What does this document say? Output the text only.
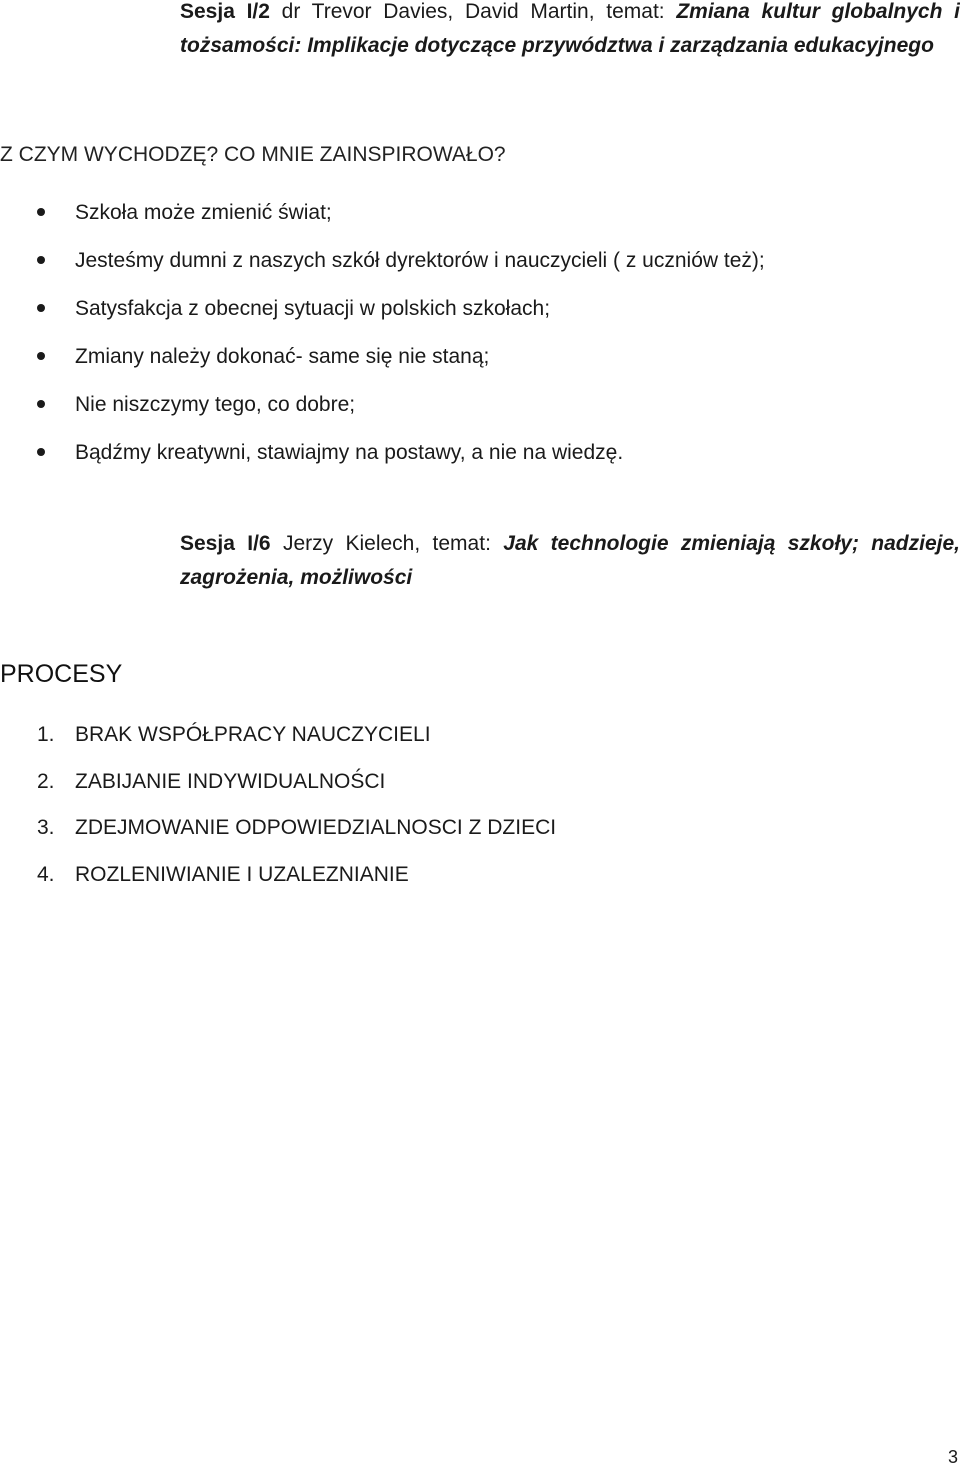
Sesja I/2 dr Trevor Davies, David Martin, temat: Zmiana kultur globalnych i tożsamości: Implikacje dotyczące przywództwa i zarządzania edukacyjnego
Z CZYM WYCHODZĘ? CO MNIE ZAINSPIROWAŁO?
Szkoła może zmienić świat;
Jesteśmy dumni z naszych szkół dyrektorów i nauczycieli ( z uczniów też);
Satysfakcja z obecnej sytuacji w polskich szkołach;
Zmiany należy dokonać- same się nie staną;
Nie niszczymy tego, co dobre;
Bądźmy kreatywni, stawiajmy na postawy, a nie na wiedzę.
Sesja I/6 Jerzy Kielech, temat: Jak technologie zmieniają szkoły; nadzieje, zagrożenia, możliwości
PROCESY
1. BRAK WSPÓŁPRACY NAUCZYCIELI
2. ZABIJANIE INDYWIDUALNOŚCI
3. ZDEJMOWANIE ODPOWIEDZIALNOSCI Z DZIECI
4. ROZLENIWIANIE I UZALEZNIANIE
3
